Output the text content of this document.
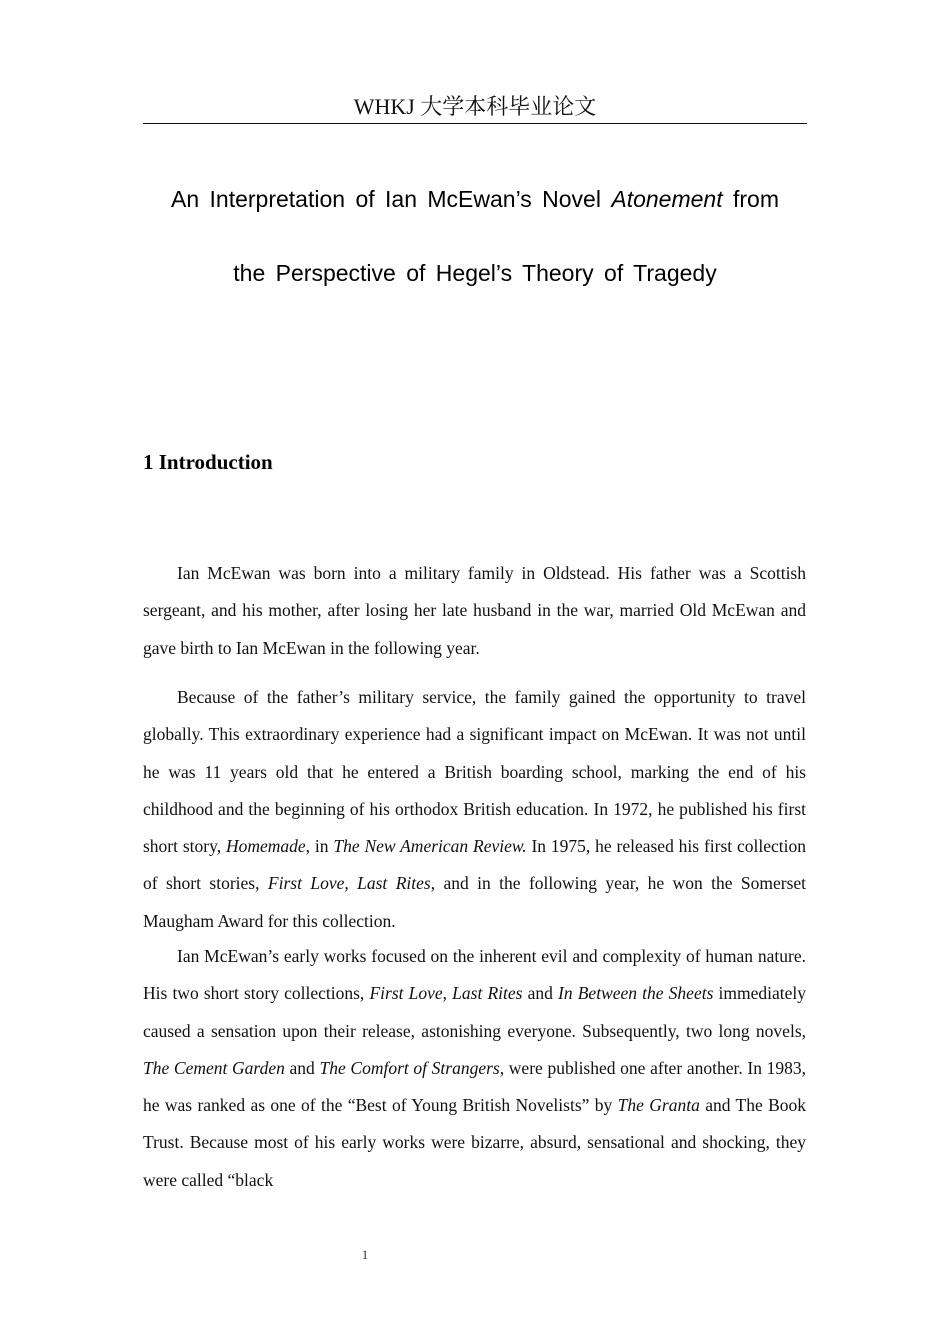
WHKJ 大学本科毕业论文
An Interpretation of Ian McEwan’s Novel Atonement from
the Perspective of Hegel’s Theory of Tragedy
1 Introduction

Ian McEwan was born into a military family in Oldstead. His father was a Scottish sergeant, and his mother, after losing her late husband in the war, married Old McEwan and gave birth to Ian McEwan in the following year.

Because of the father’s military service, the family gained the opportunity to travel globally. This extraordinary experience had a significant impact on McEwan. It was not until he was 11 years old that he entered a British boarding school, marking the end of his childhood and the beginning of his orthodox British education. In 1972, he published his first short story, Homemade, in The New American Review. In 1975, he released his first collection of short stories, First Love, Last Rites, and in the following year, he won the Somerset Maugham Award for this collection.

Ian McEwan’s early works focused on the inherent evil and complexity of human nature. His two short story collections, First Love, Last Rites and In Between the Sheets immediately caused a sensation upon their release, astonishing everyone. Subsequently, two long novels, The Cement Garden and The Comfort of Strangers, were published one after another. In 1983, he was ranked as one of the “Best of Young British Novelists” by The Granta and The Book Trust. Because most of his early works were bizarre, absurd, sensational and shocking, they were called “black

1
